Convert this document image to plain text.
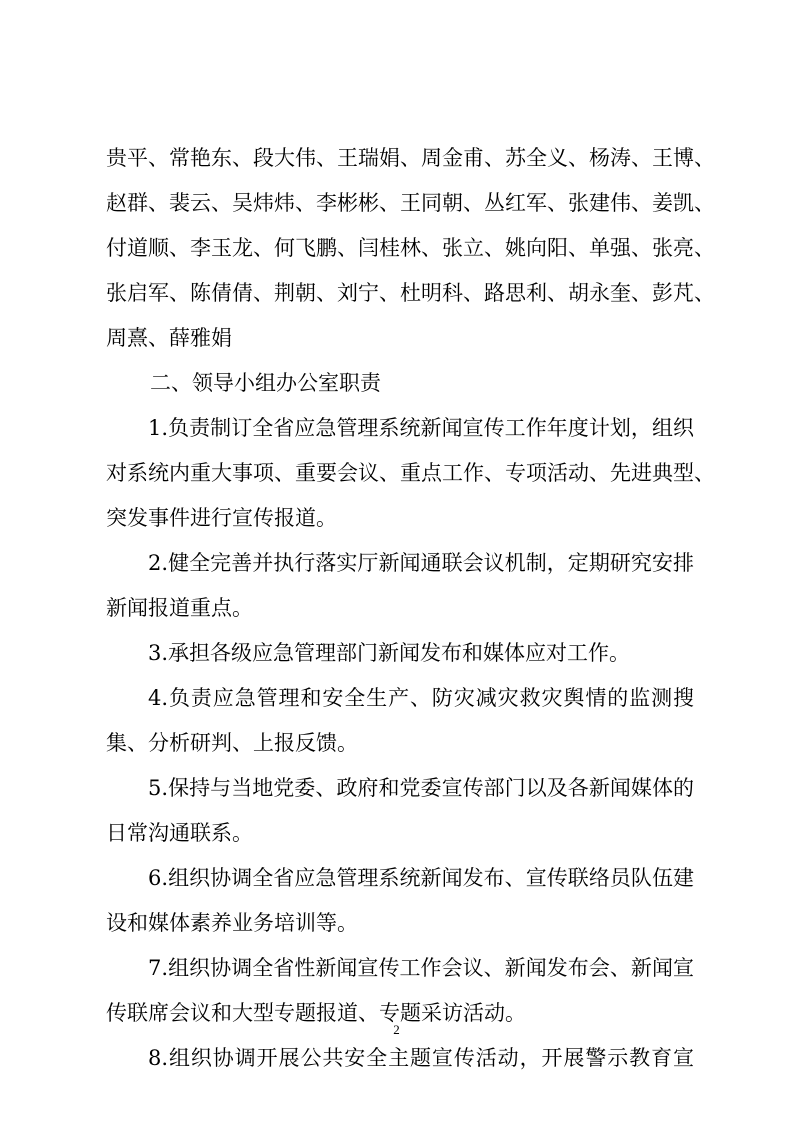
贵平、常艳东、段大伟、王瑞娟、周金甫、苏全义、杨涛、王博、
赵群、裴云、吴炜炜、李彬彬、王同朝、丛红军、张建伟、姜凯、
付道顺、李玉龙、何飞鹏、闫桂林、张立、姚向阳、单强、张亮、
张启军、陈倩倩、荆朝、刘宁、杜明科、路思利、胡永奎、彭芃、
周熹、薛雅娟
二、领导小组办公室职责
1.负责制订全省应急管理系统新闻宣传工作年度计划，组织
对系统内重大事项、重要会议、重点工作、专项活动、先进典型、
突发事件进行宣传报道。
2.健全完善并执行落实厅新闻通联会议机制，定期研究安排
新闻报道重点。
3.承担各级应急管理部门新闻发布和媒体应对工作。
4.负责应急管理和安全生产、防灾减灾救灾舆情的监测搜
集、分析研判、上报反馈。
5.保持与当地党委、政府和党委宣传部门以及各新闻媒体的
日常沟通联系。
6.组织协调全省应急管理系统新闻发布、宣传联络员队伍建
设和媒体素养业务培训等。
7.组织协调全省性新闻宣传工作会议、新闻发布会、新闻宣
传联席会议和大型专题报道、专题采访活动。
8.组织协调开展公共安全主题宣传活动，开展警示教育宣
2
